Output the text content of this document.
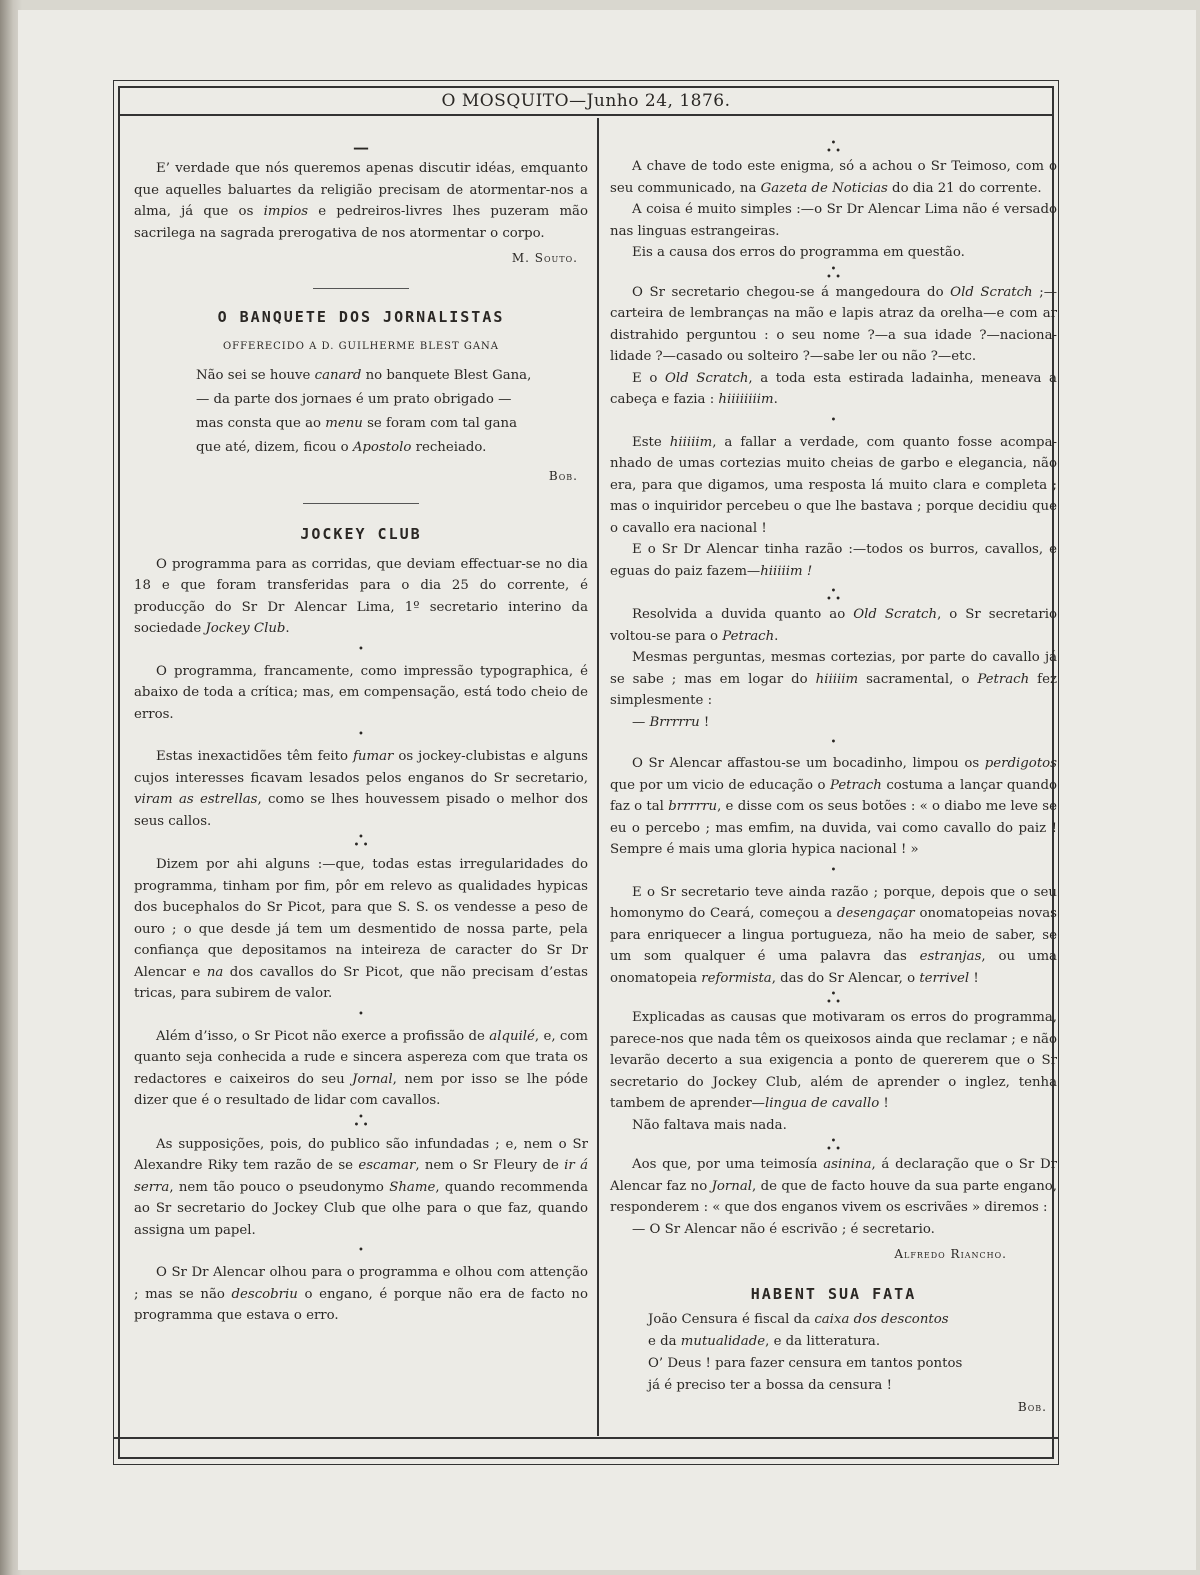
O MOSQUITO—Junho 24, 1876.
—

E’ verdade que nós queremos apenas discutir idéas, emquanto que aquelles baluartes da religião precisam de atormentar-nos a alma, já que os impios e pedreiros-livres lhes puzeram mão sacrilega na sagrada prerogativa de nos atormentar o corpo.

M. Souto.
O BANQUETE DOS JORNALISTAS
OFFERECIDO A D. GUILHERME BLEST GANA

Não sei se houve canard no banquete Blest Gana,

— da parte dos jornaes é um prato obrigado —

mas consta que ao menu se foram com tal gana

que até, dizem, ficou o Apostolo recheiado.

Bob.
JOCKEY CLUB

O programma para as corridas, que deviam effectuar-se no dia 18 e que foram transferidas para o dia 25 do corrente, é producção do Sr Dr Alencar Lima, 1º secretario interino da sociedade Jockey Club.

•

O programma, francamente, como impressão typographica, é abaixo de toda a crítica; mas, em compensação, está todo cheio de erros.

•

Estas inexactidões têm feito fumar os jockey-clubistas e alguns cujos interesses ficavam lesados pelos enganos do Sr secretario, viram as estrellas, como se lhes houvessem pisado o melhor dos seus callos.

•
• •

Dizem por ahi alguns :—que, todas estas irregularidades do programma, tinham por fim, pôr em relevo as qualidades hypicas dos bucephalos do Sr Picot, para que S. S. os vendesse a peso de ouro ; o que desde já tem um desmentido de nossa parte, pela confiança que depositamos na inteireza de caracter do Sr Dr Alencar e na dos cavallos do Sr Picot, que não precisam d’estas tricas, para subirem de valor.

•

Além d’isso, o Sr Picot não exerce a profissão de alquilé, e, com quanto seja conhecida a rude e sincera aspereza com que trata os redactores e caixeiros do seu Jornal, nem por isso se lhe póde dizer que é o resultado de lidar com cavallos.

•
• •

As supposições, pois, do publico são infundadas ; e, nem o Sr Alexandre Riky tem razão de se escamar, nem o Sr Fleury de ir á serra, nem tão pouco o pseudonymo Shame, quando recommenda ao Sr secretario do Jockey Club que olhe para o que faz, quando assigna um papel.

•

O Sr Dr Alencar olhou para o programma e olhou com attenção ; mas se não descobriu o engano, é porque não era de facto no programma que estava o erro.

•
• •

A chave de todo este enigma, só a achou o Sr Teimoso, com o seu communicado, na Gazeta de Noticias do dia 21 do corrente.

A coisa é muito simples :—o Sr Dr Alencar Lima não é versado nas linguas estrangeiras.

Eis a causa dos erros do programma em questão.

•
• •

O Sr secretario chegou-se á mangedoura do Old Scratch ;— carteira de lembranças na mão e lapis atraz da orelha—e com ar distrahido perguntou : o seu nome ?—a sua idade ?—nacionalidade ?—casado ou solteiro ?—sabe ler ou não ?—etc.

E o Old Scratch, a toda esta estirada ladainha, meneava a cabeça e fazia : hiiiiiiiim.

•

Este hiiiiim, a fallar a verdade, com quanto fosse acompanhado de umas cortezias muito cheias de garbo e elegancia, não era, para que digamos, uma resposta lá muito clara e completa ; mas o inquiridor percebeu o que lhe bastava ; porque decidiu que o cavallo era nacional !

E o Sr Dr Alencar tinha razão :—todos os burros, cavallos, e eguas do paiz fazem—hiiiiim !

•
• •

Resolvida a duvida quanto ao Old Scratch, o Sr secretario voltou-se para o Petrach.

Mesmas perguntas, mesmas cortezias, por parte do cavallo já se sabe ; mas em logar do hiiiiim sacramental, o Petrach fez simplesmente :

— Brrrrru !

•

O Sr Alencar affastou-se um bocadinho, limpou os perdigotos que por um vicio de educação o Petrach costuma a lançar quando faz o tal brrrrru, e disse com os seus botões : « o diabo me leve se eu o percebo ; mas emfim, na duvida, vai como cavallo do paiz ! Sempre é mais uma gloria hypica nacional ! »

•

E o Sr secretario teve ainda razão ; porque, depois que o seu homonymo do Ceará, começou a desengaçar onomatopeias novas para enriquecer a lingua portugueza, não ha meio de saber, se um som qualquer é uma palavra das estranjas, ou uma onomatopeia reformista, das do Sr Alencar, o terrivel !

•
• •

Explicadas as causas que motivaram os erros do programma, parece-nos que nada têm os queixosos ainda que reclamar ; e não levarão decerto a sua exigencia a ponto de quererem que o Sr secretario do Jockey Club, além de aprender o inglez, tenha tambem de aprender—lingua de cavallo !

Não faltava mais nada.

•
• •

Aos que, por uma teimosía asinina, á declaração que o Sr Dr Alencar faz no Jornal, de que de facto houve da sua parte engano, responderem : « que dos enganos vivem os escrivães » diremos :

— O Sr Alencar não é escrivão ; é secretario.

Alfredo Riancho.
HABENT SUA FATA

João Censura é fiscal da caixa dos descontos

e da mutualidade, e da litteratura.

O’ Deus ! para fazer censura em tantos pontos

já é preciso ter a bossa da censura !

Bob.
